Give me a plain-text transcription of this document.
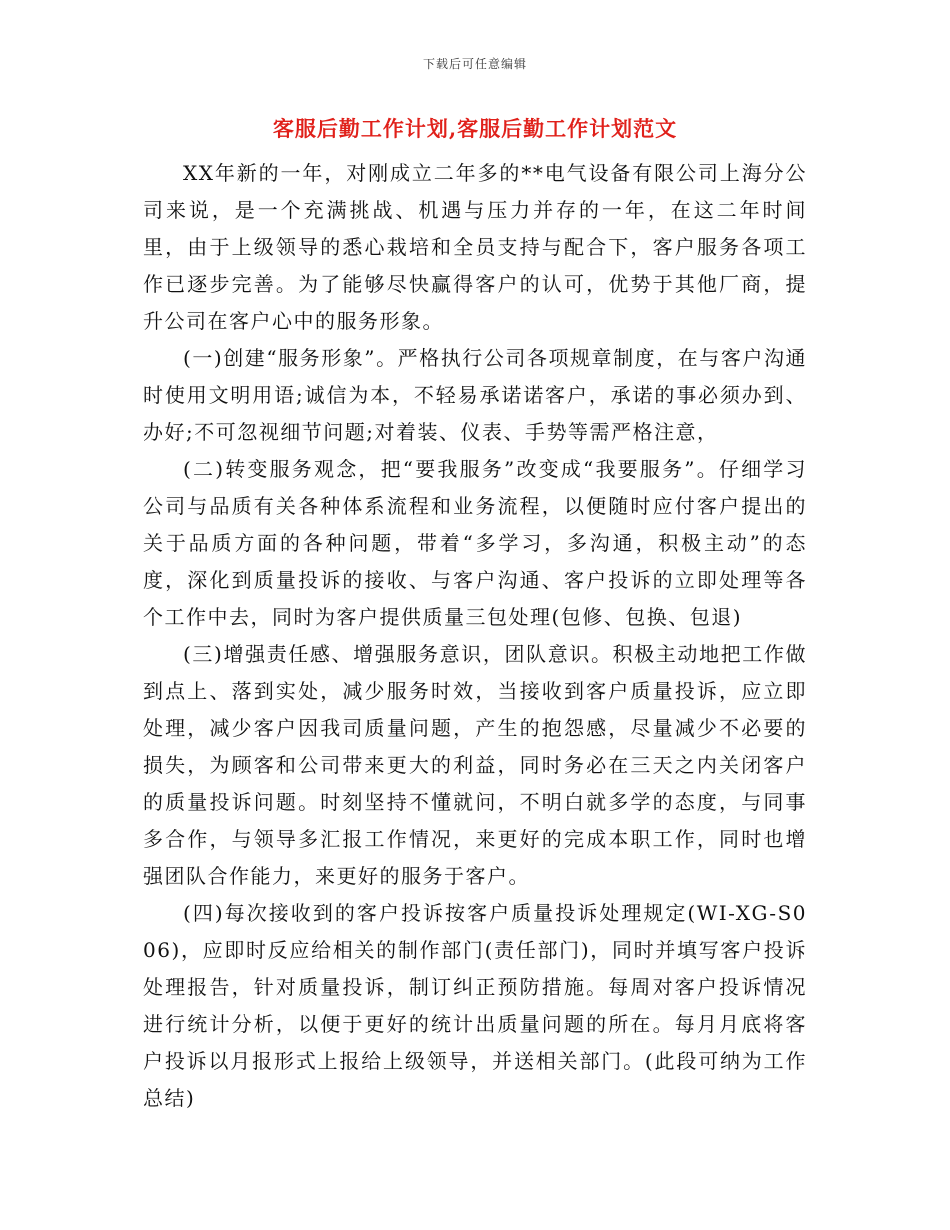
下载后可任意编辑
客服后勤工作计划,客服后勤工作计划范文

XX年新的一年，对刚成立二年多的**电气设备有限公司上海分公司来说，是一个充满挑战、机遇与压力并存的一年，在这二年时间里，由于上级领导的悉心栽培和全员支持与配合下，客户服务各项工作已逐步完善。为了能够尽快赢得客户的认可，优势于其他厂商，提升公司在客户心中的服务形象。

(一)创建“服务形象”。严格执行公司各项规章制度，在与客户沟通时使用文明用语;诚信为本，不轻易承诺诺客户，承诺的事必须办到、办好;不可忽视细节问题;对着装、仪表、手势等需严格注意，

(二)转变服务观念，把“要我服务”改变成“我要服务”。仔细学习公司与品质有关各种体系流程和业务流程，以便随时应付客户提出的关于品质方面的各种问题，带着“多学习，多沟通，积极主动”的态度，深化到质量投诉的接收、与客户沟通、客户投诉的立即处理等各个工作中去，同时为客户提供质量三包处理(包修、包换、包退)

(三)增强责任感、增强服务意识，团队意识。积极主动地把工作做到点上、落到实处，减少服务时效，当接收到客户质量投诉，应立即处理，减少客户因我司质量问题，产生的抱怨感，尽量减少不必要的损失，为顾客和公司带来更大的利益，同时务必在三天之内关闭客户的质量投诉问题。时刻坚持不懂就问，不明白就多学的态度，与同事多合作，与领导多汇报工作情况，来更好的完成本职工作，同时也增强团队合作能力，来更好的服务于客户。

(四)每次接收到的客户投诉按客户质量投诉处理规定(WI-XG-S006)，应即时反应给相关的制作部门(责任部门)，同时并填写客户投诉处理报告，针对质量投诉，制订纠正预防措施。每周对客户投诉情况进行统计分析，以便于更好的统计出质量问题的所在。每月月底将客户投诉以月报形式上报给上级领导，并送相关部门。(此段可纳为工作总结)
